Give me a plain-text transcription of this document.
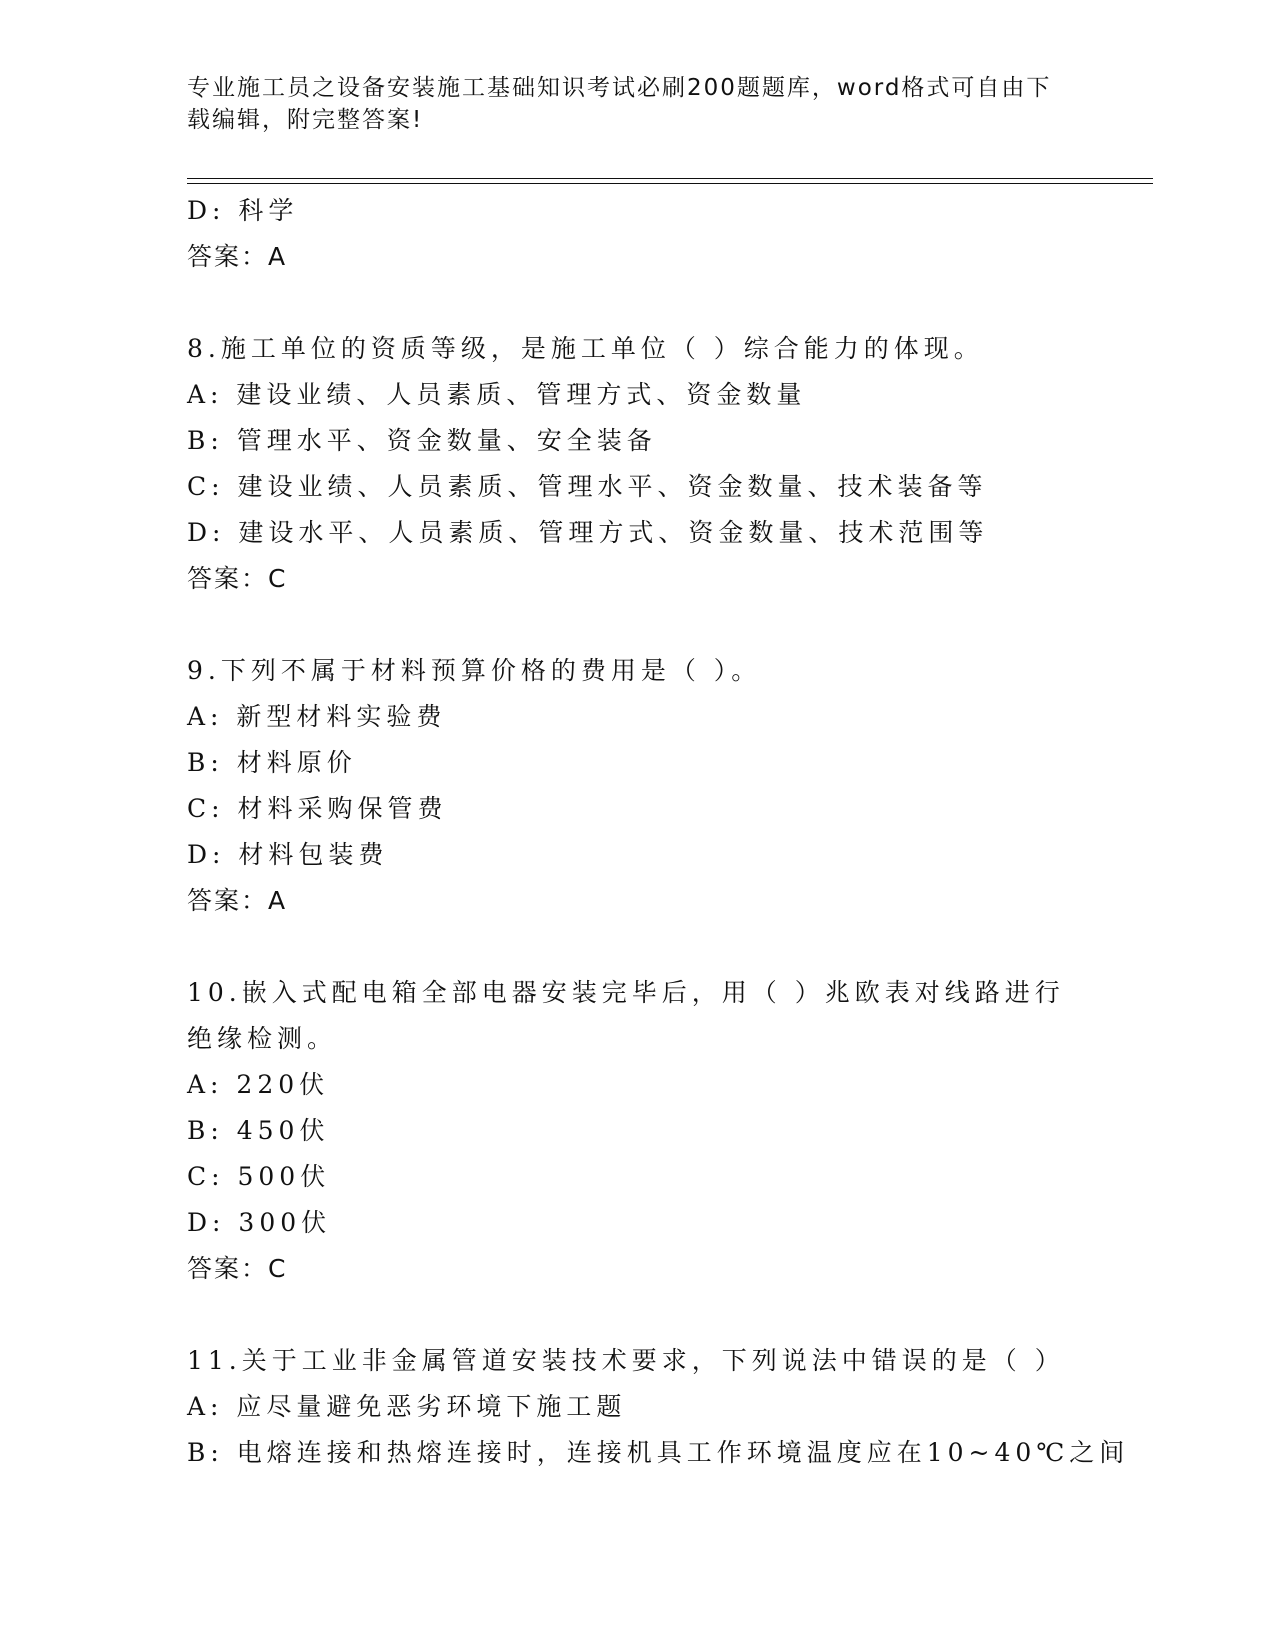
专业施工员之设备安装施工基础知识考试必刷200题题库，word格式可自由下载编辑，附完整答案!
D: 科学
答案：A
8.施工单位的资质等级，是施工单位（ ）综合能力的体现。
A: 建设业绩、人员素质、管理方式、资金数量
B: 管理水平、资金数量、安全装备
C: 建设业绩、人员素质、管理水平、资金数量、技术装备等
D: 建设水平、人员素质、管理方式、资金数量、技术范围等
答案：C
9.下列不属于材料预算价格的费用是（ ）。
A: 新型材料实验费
B: 材料原价
C: 材料采购保管费
D: 材料包装费
答案：A
10.嵌入式配电箱全部电器安装完毕后，用（ ）兆欧表对线路进行绝缘检测。
A: 220伏
B: 450伏
C: 500伏
D: 300伏
答案：C
11.关于工业非金属管道安装技术要求，下列说法中错误的是（ ）
A: 应尽量避免恶劣环境下施工题
B: 电熔连接和热熔连接时，连接机具工作环境温度应在10~40℃之间
